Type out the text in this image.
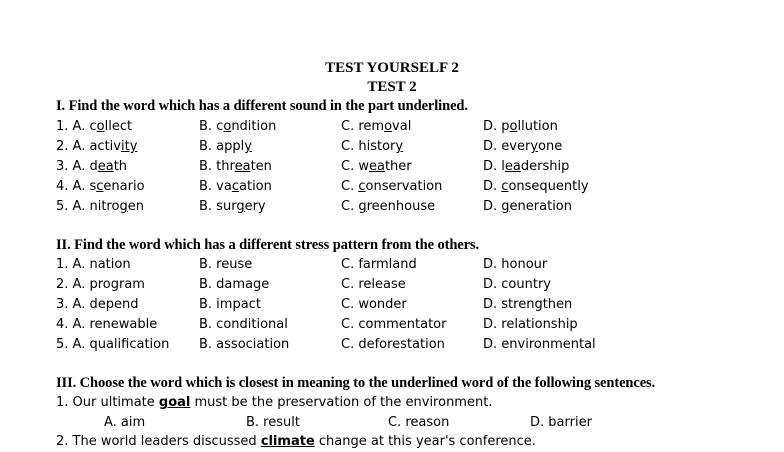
TEST YOURSELF 2
TEST 2
I. Find the word which has a different sound in the part underlined.
1. A. collect	B. condition	C. removal	D. pollution
2. A. activity	B. apply	C. history	D. everyone
3. A. death	B. threaten	C. weather	D. leadership
4. A. scenario	B. vacation	C. conservation	D. consequently
5. A. nitrogen	B. surgery	C. greenhouse	D. generation
II. Find the word which has a different stress pattern from the others.
1. A. nation	B. reuse	C. farmland	D. honour
2. A. program	B. damage	C. release	D. country
3. A. depend	B. impact	C. wonder	D. strengthen
4. A. renewable	B. conditional	C. commentator	D. relationship
5. A. qualification B. association	C. deforestation	D. environmental
III. Choose the word which is closest in meaning to the underlined word of the following sentences.
1. Our ultimate goal must be the preservation of the environment.
A. aim	B. result	C. reason	D. barrier
2. The world leaders discussed climate change at this year's conference.
